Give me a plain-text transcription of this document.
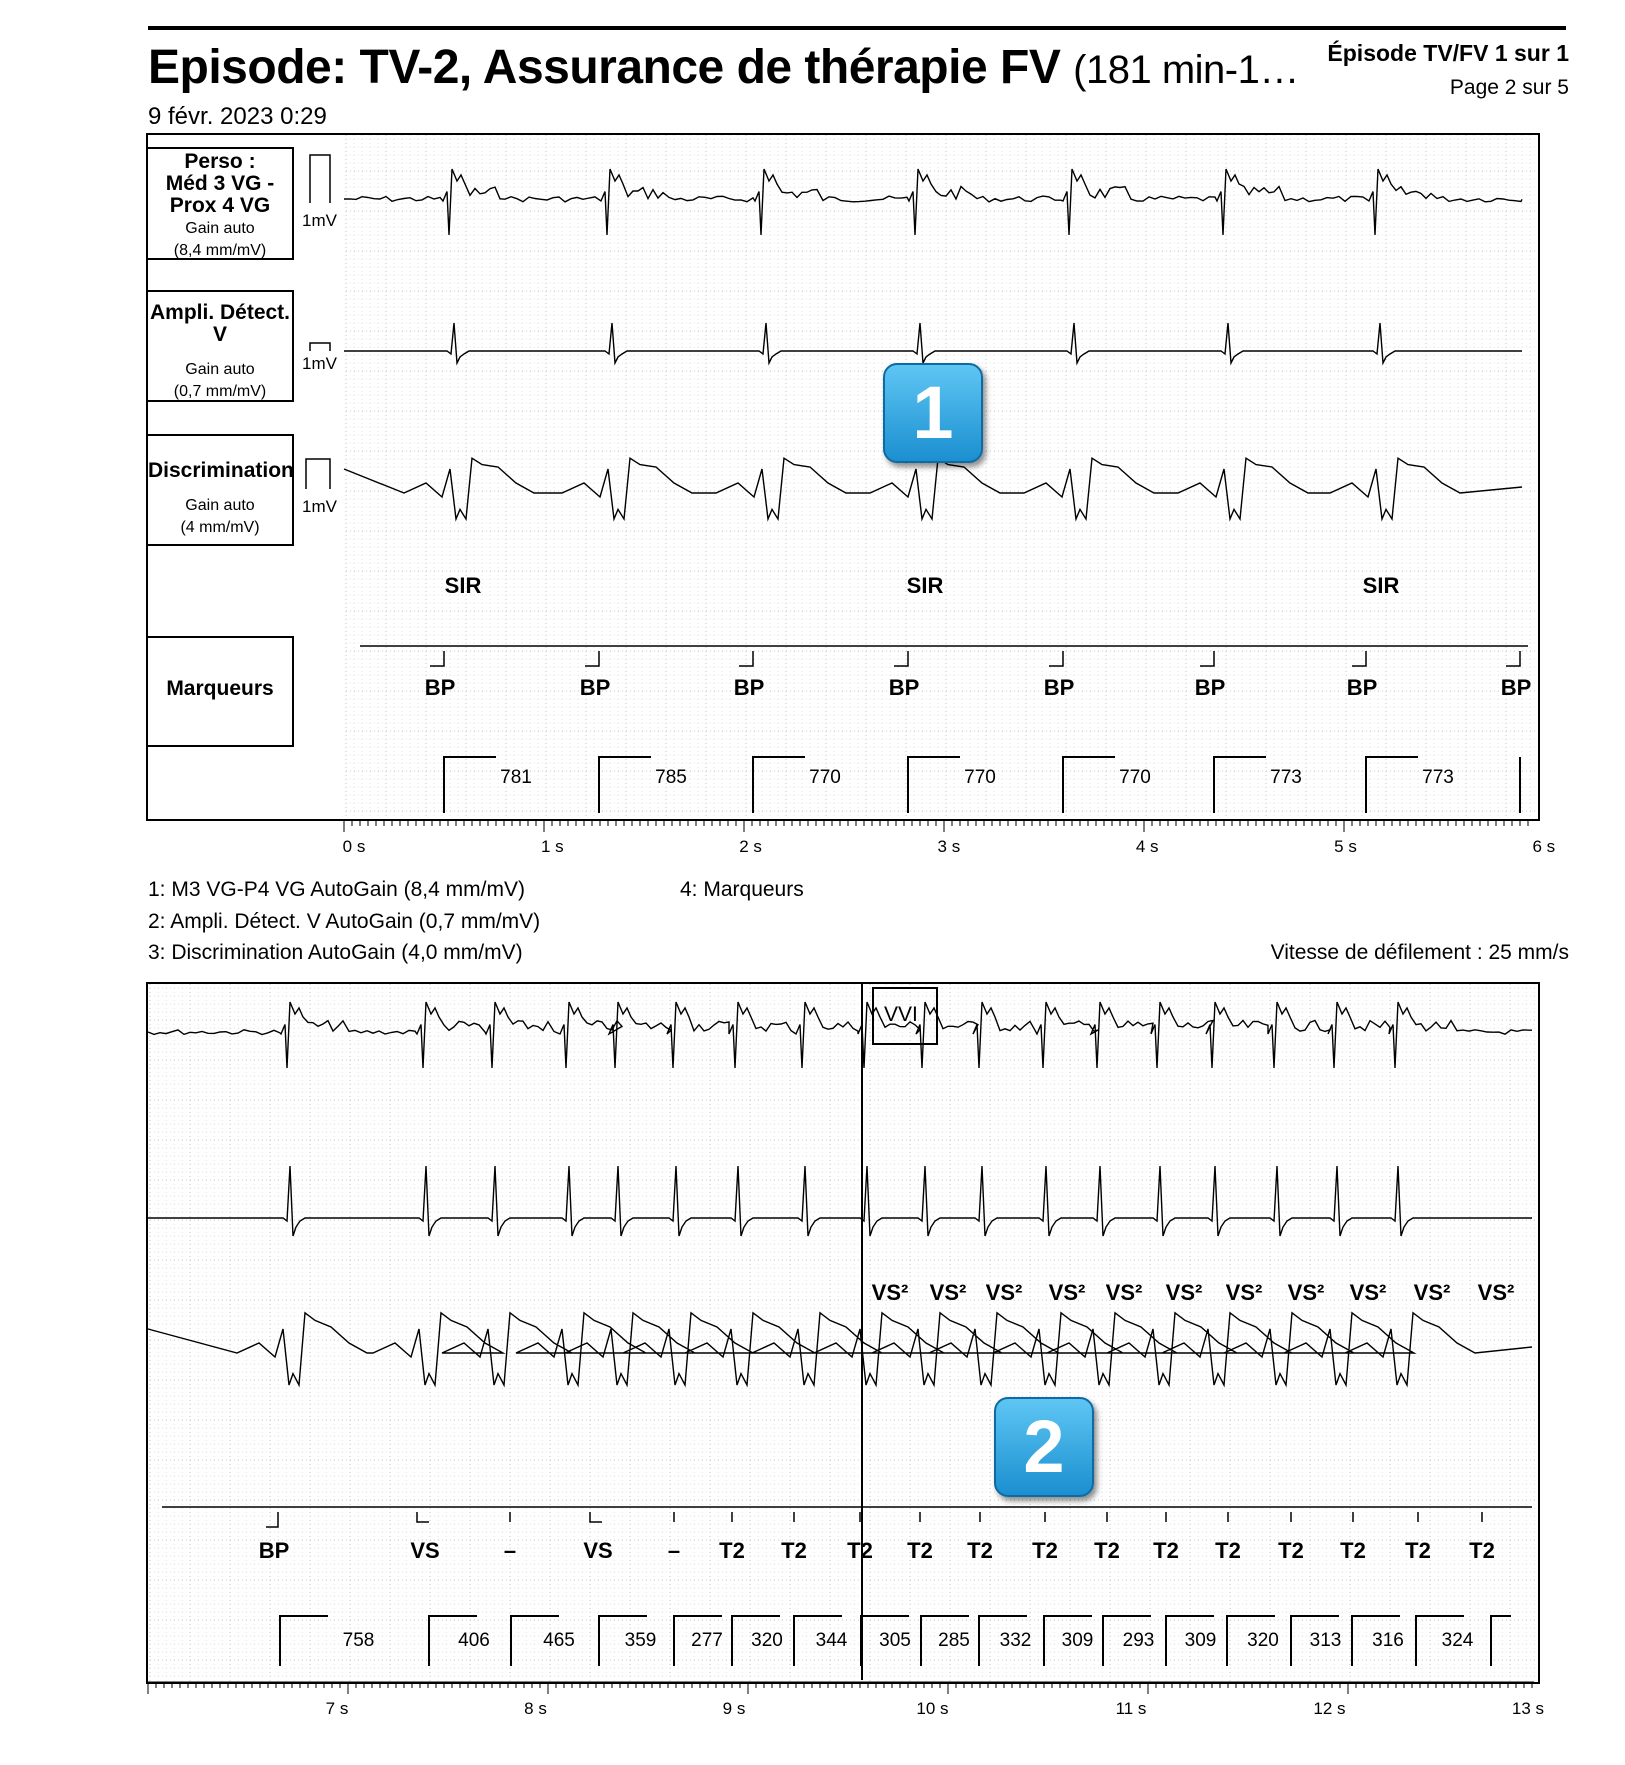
Episode: TV-2, Assurance de thérapie FV (181 min-1…
9 févr. 2023 0:29
Épisode TV/FV 1 sur 1
Page 2 sur 5
Perso :
Méd 3 VG -
Prox 4 VG
Gain auto
(8,4 mm/mV)
Ampli. Détect.
V

Gain auto
(0,7 mm/mV)
Discrimination

Gain auto
(4 mm/mV)
Marqueurs
1mV
1mV
1mV
SIR	SIR	SIR
BP	BP	BP	BP	BP	BP	BP	BP
781	785	770	770	770	773	773
0 s	1 s	2 s	3 s	4 s	5 s	6 s
1
1: M3 VG-P4 VG AutoGain (8,4 mm/mV)
2: Ampli. Détect. V AutoGain (0,7 mm/mV)
3: Discrimination AutoGain (4,0 mm/mV)
4: Marqueurs
Vitesse de défilement : 25 mm/s
VS² VS² VS² VS² VS² VS² VS² VS² VS² VS² VS²
BP	VS	–	VS	– T2 T2 T2 T2 T2 T2 T2 T2 T2 T2 T2 T2 T2
758	406	465	359 277 320 344 305 285 332 309 293 309 320 313 316 324
VVI
7 s	8 s	9 s	10 s	11 s	12 s	13 s
2
